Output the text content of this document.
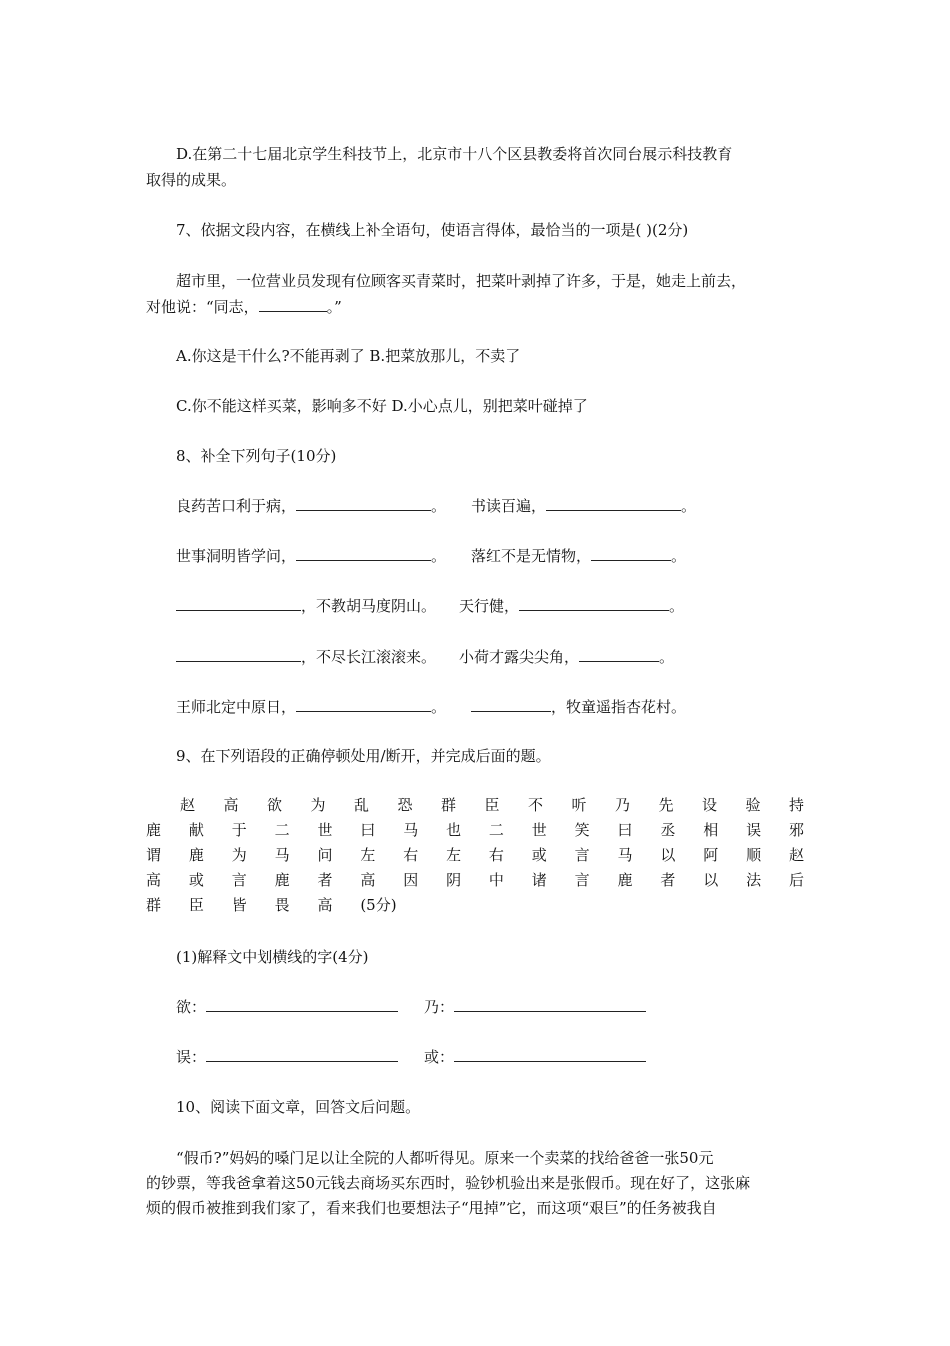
D.在第二十七届北京学生科技节上，北京市十八个区县教委将首次同台展示科技教育
取得的成果。
7、依据文段内容，在横线上补全语句，使语言得体，最恰当的一项是( )(2分)
超市里，一位营业员发现有位顾客买青菜时，把菜叶剥掉了许多，于是，她走上前去，
对他说：“同志，	。”
A.你这是干什么?不能再剥了 B.把菜放那儿，不卖了
C.你不能这样买菜，影响多不好 D.小心点儿，别把菜叶碰掉了
8、补全下列句子(10分)
良药苦口利于病，	。 书读百遍，	。
世事洞明皆学问，	。 落红不是无情物，	。
，不教胡马度阴山。 天行健，	。
，不尽长江滚滚来。 小荷才露尖尖角，	。
王师北定中原日，	。	，牧童遥指杏花村。
9、在下列语段的正确停顿处用/断开，并完成后面的题。
赵 高 欲 为 乱 恐 群 臣 不 听 乃 先 设 验 持
鹿 献 于 二 世 曰 马 也 二 世 笑 曰 丞 相 误 邪
谓 鹿 为 马 问 左 右 左 右 或 言 马 以 阿 顺 赵
高 或 言 鹿 者 高 因 阴 中 诸 言 鹿 者 以 法 后
群 臣 皆 畏 高 (5分)
(1)解释文中划横线的字(4分)
欲：	乃：
误：	或：
10、阅读下面文章，回答文后问题。
“假币?”妈妈的嗓门足以让全院的人都听得见。原来一个卖菜的找给爸爸一张50元
的钞票，等我爸拿着这50元钱去商场买东西时，验钞机验出来是张假币。现在好了，这张麻
烦的假币被推到我们家了，看来我们也要想法子“甩掉”它，而这项“艰巨”的任务被我自
